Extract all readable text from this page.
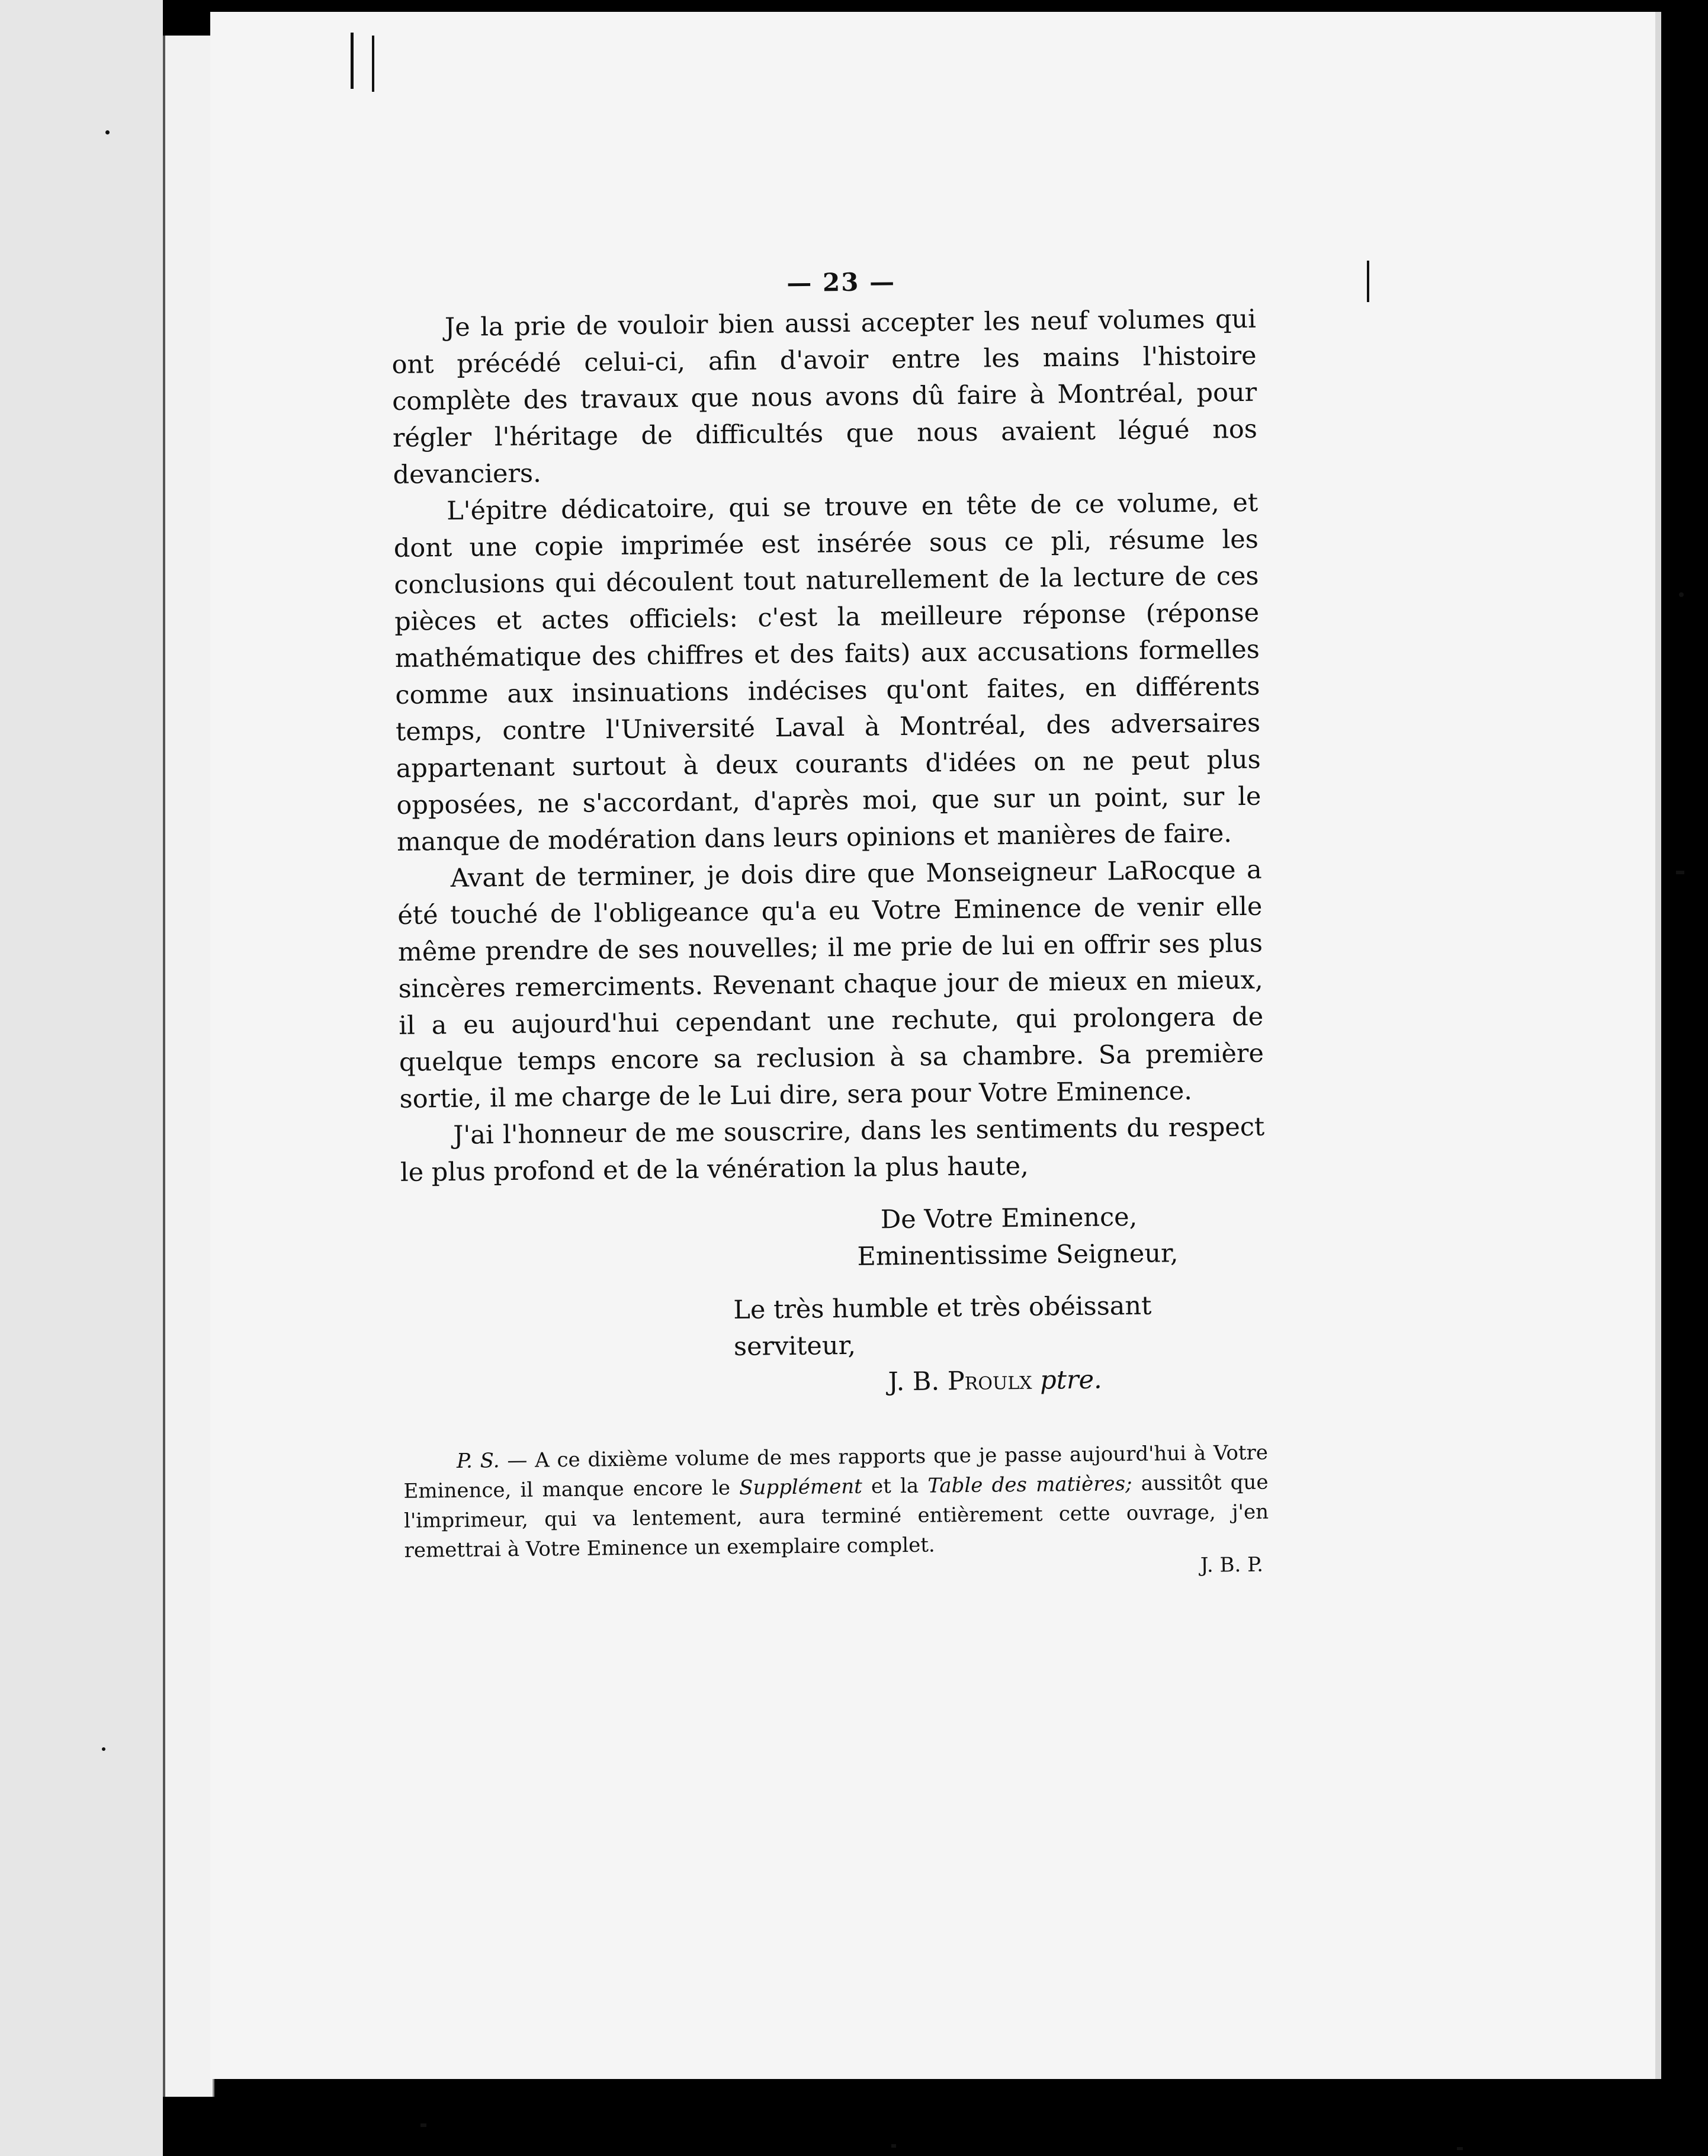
— 23 —

Je la prie de vouloir bien aussi accepter les neuf volumes qui ont précédé celui-ci, afin d'avoir entre les mains l'histoire complète des travaux que nous avons dû faire à Montréal, pour régler l'héritage de difficultés que nous avaient légué nos devanciers.

L'épitre dédicatoire, qui se trouve en tête de ce volume, et dont une copie imprimée est insérée sous ce pli, résume les conclusions qui découlent tout naturellement de la lecture de ces pièces et actes officiels: c'est la meilleure réponse (réponse mathématique des chiffres et des faits) aux accusations formelles comme aux insinuations indécises qu'ont faites, en différents temps, contre l'Université Laval à Montréal, des adversaires appartenant surtout à deux courants d'idées on ne peut plus opposées, ne s'accordant, d'après moi, que sur un point, sur le manque de modération dans leurs opinions et manières de faire.

Avant de terminer, je dois dire que Monseigneur LaRocque a été touché de l'obligeance qu'a eu Votre Eminence de venir elle même prendre de ses nouvelles; il me prie de lui en offrir ses plus sincères remerciments. Revenant chaque jour de mieux en mieux, il a eu aujourd'hui cependant une rechute, qui prolongera de quelque temps encore sa reclusion à sa chambre. Sa première sortie, il me charge de le Lui dire, sera pour Votre Eminence.

J'ai l'honneur de me souscrire, dans les sentiments du respect le plus profond et de la vénération la plus haute,

De Votre Eminence,
Eminentissime Seigneur,
Le très humble et très obéissant serviteur,
J. B. Proulx ptre.
P. S. — A ce dixième volume de mes rapports que je passe aujourd'hui à Votre Eminence, il manque encore le Supplément et la Table des matières; aussitôt que l'imprimeur, qui va lentement, aura terminé entièrement cette ouvrage, j'en remettrai à Votre Eminence un exemplaire complet.
J. B. P.
